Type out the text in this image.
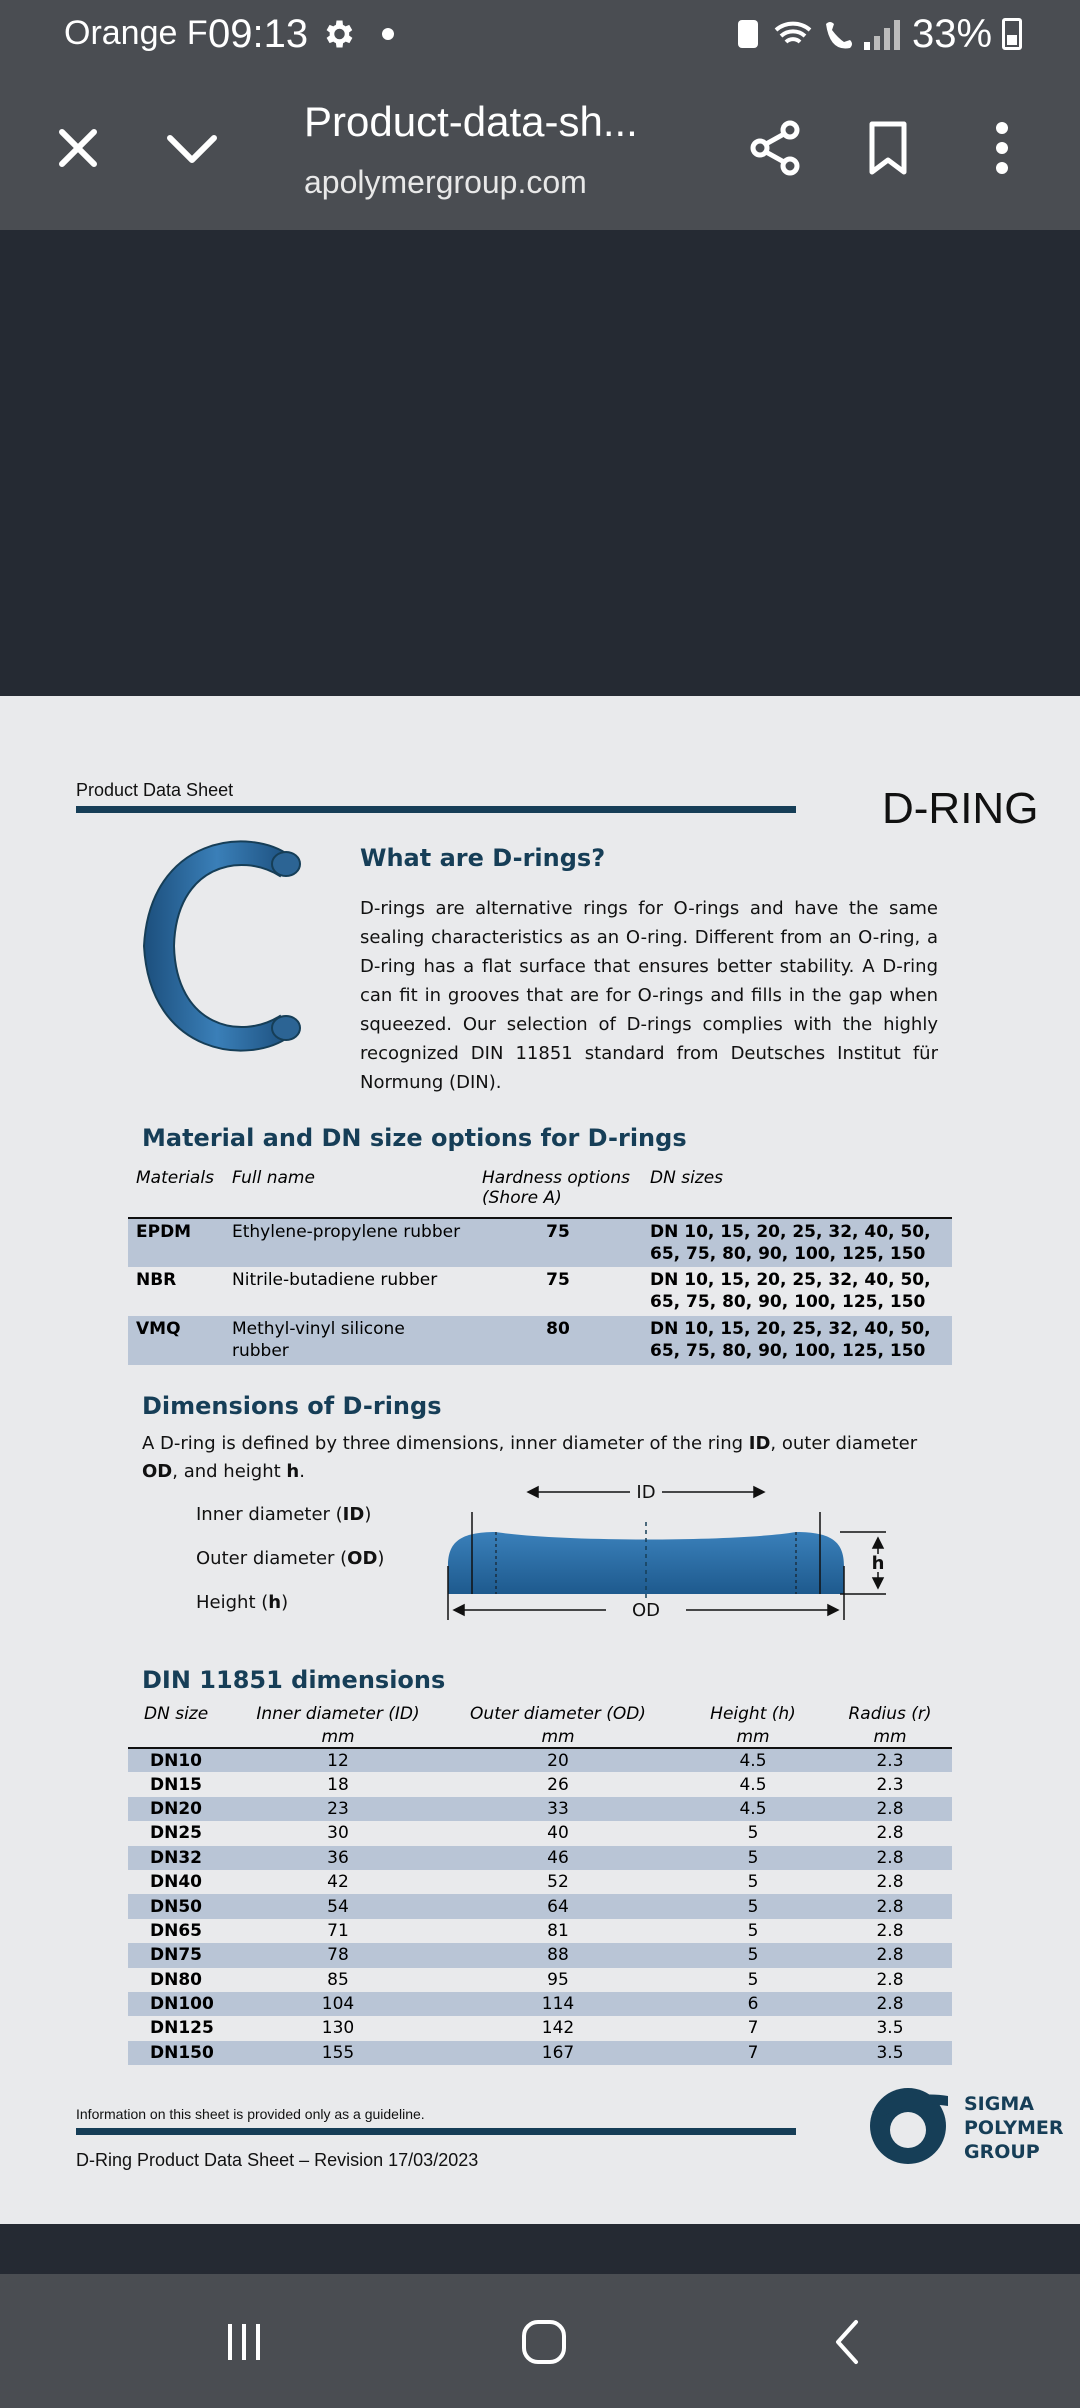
Orange F 09:13	33%
Product-data-sh...
apolymergroup.com
Product Data Sheet	D-RING
What are D-rings?

D-rings are alternative rings for O-rings and have the same sealing characteristics as an O-ring. Different from an O-ring, a D-ring has a flat surface that ensures better stability. A D-ring can fit in grooves that are for O-rings and fills in the gap when squeezed. Our selection of D-rings complies with the highly recognized DIN 11851 standard from Deutsches Institut für Normung (DIN).

Material and DN size options for D-rings
Materials	Full name	Hardness options (Shore A)	DN sizes
EPDM	Ethylene-propylene rubber	75	DN 10, 15, 20, 25, 32, 40, 50, 65, 75, 80, 90, 100, 125, 150
NBR	Nitrile-butadiene rubber	75	DN 10, 15, 20, 25, 32, 40, 50, 65, 75, 80, 90, 100, 125, 150
VMQ	Methyl-vinyl silicone rubber	80	DN 10, 15, 20, 25, 32, 40, 50, 65, 75, 80, 90, 100, 125, 150
Dimensions of D-rings

A D-ring is defined by three dimensions, inner diameter of the ring ID, outer diameter OD, and height h.

Inner diameter (ID)
Outer diameter (OD)
Height (h)
ID
OD
h
DIN 11851 dimensions
DN size	Inner diameter (ID)	Outer diameter (OD)	Height (h)	Radius (r)
	mm	mm	mm	mm
DN10	12	20	4.5	2.3
DN15	18	26	4.5	2.3
DN20	23	33	4.5	2.8
DN25	30	40	5	2.8
DN32	36	46	5	2.8
DN40	42	52	5	2.8
DN50	54	64	5	2.8
DN65	71	81	5	2.8
DN75	78	88	5	2.8
DN80	85	95	5	2.8
DN100	104	114	6	2.8
DN125	130	142	7	3.5
DN150	155	167	7	3.5
Information on this sheet is provided only as a guideline.
D-Ring Product Data Sheet – Revision 17/03/2023
SIGMA
POLYMER
GROUP
